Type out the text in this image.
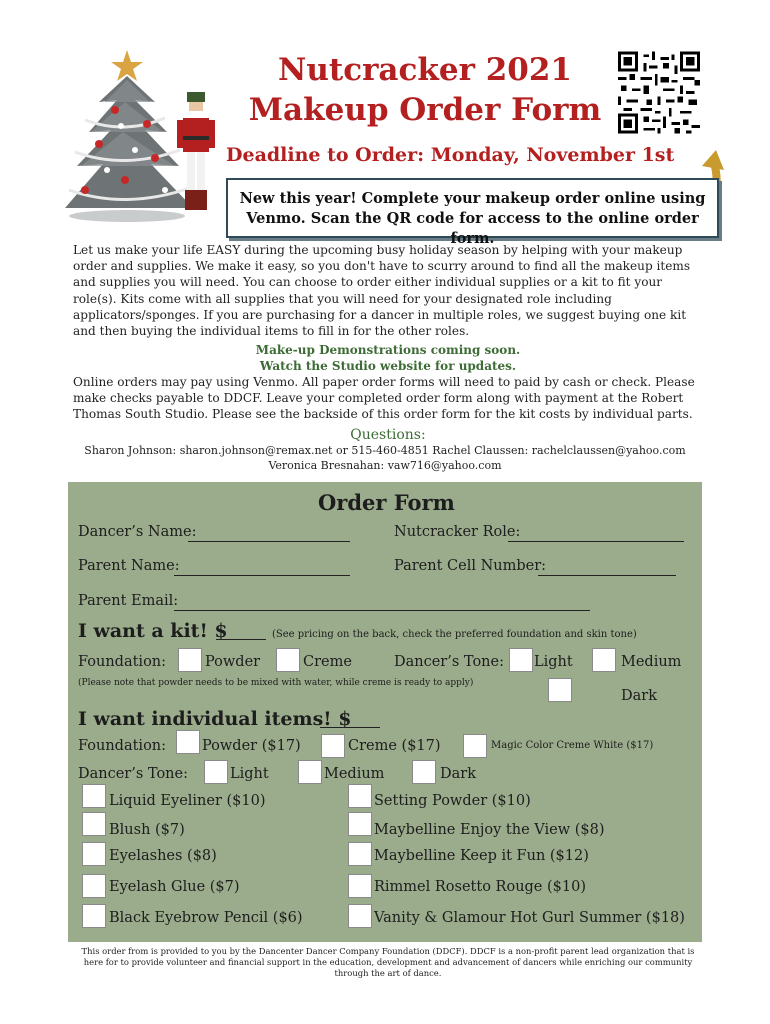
Nutcracker 2021
Makeup Order Form
Deadline to Order: Monday, November 1st
New this year! Complete your makeup order online using
Venmo. Scan the QR code for access to the online order form.
Let us make your life EASY during the upcoming busy holiday season by helping with your makeup order and supplies. We make it easy, so you don't have to scurry around to find all the makeup items and supplies you will need. You can choose to order either individual supplies or a kit to fit your role(s). Kits come with all supplies that you will need for your designated role including applicators/sponges. If you are purchasing for a dancer in multiple roles, we suggest buying one kit and then buying the individual items to fill in for the other roles.
Make-up Demonstrations coming soon.
Watch the Studio website for updates.
Online orders may pay using Venmo. All paper order forms will need to paid by cash or check. Please make checks payable to DDCF. Leave your completed order form along with payment at the Robert Thomas South Studio. Please see the backside of this order form for the kit costs by individual parts.
Questions:
Sharon Johnson: sharon.johnson@remax.net or 515-460-4851 Rachel Claussen: rachelclaussen@yahoo.com
Veronica Bresnahan: vaw716@yahoo.com
Order Form
Dancer’s Name:	Nutcracker Role:
Parent Name:	Parent Cell Number:
Parent Email:
I want a kit! $	(See pricing on the back, check the preferred foundation and skin tone)
Foundation:	Powder	Creme	Dancer’s Tone: Light	Medium
(Please note that powder needs to be mixed with water, while creme is ready to apply)
Dark
I want individual items! $
Foundation: Powder ($17)	Creme ($17)	Magic Color Creme White ($17)
Dancer’s Tone:	Light	Medium	Dark
Liquid Eyeliner ($10)
Blush ($7)
Eyelashes ($8)
Eyelash Glue ($7)
Black Eyebrow Pencil ($6)
Setting Powder ($10)
Maybelline Enjoy the View ($8)
Maybelline Keep it Fun ($12)
Rimmel Rosetto Rouge ($10)
Vanity & Glamour Hot Gurl Summer ($18)
This order from is provided to you by the Dancenter Dancer Company Foundation (DDCF). DDCF is a non-profit parent lead organization that is here for to provide volunteer and financial support in the education, development and advancement of dancers while enriching our community through the art of dance.
